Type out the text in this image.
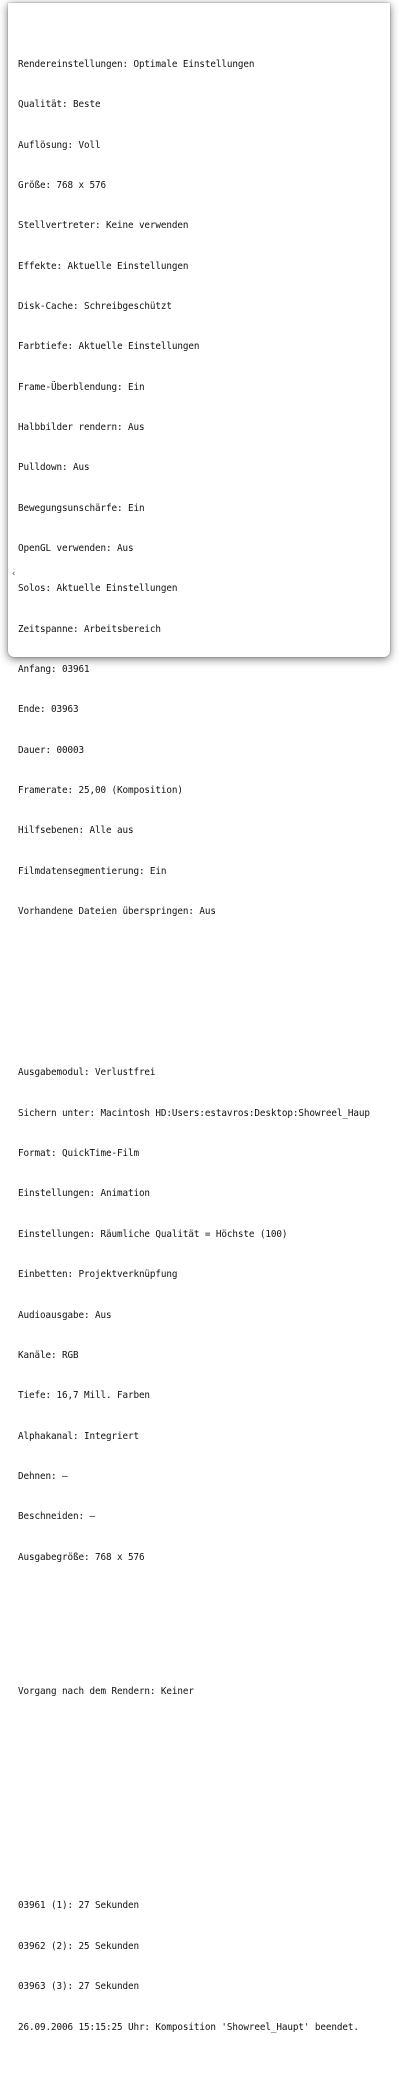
Rendereinstellungen: Optimale Einstellungen

Qualität: Beste

Auflösung: Voll

Größe: 768 x 576

Stellvertreter: Keine verwenden

Effekte: Aktuelle Einstellungen

Disk-Cache: Schreibgeschützt

Farbtiefe: Aktuelle Einstellungen

Frame-Überblendung: Ein

Halbbilder rendern: Aus

Pulldown: Aus

Bewegungsunschärfe: Ein

OpenGL verwenden: Aus

Solos: Aktuelle Einstellungen

Zeitspanne: Arbeitsbereich

Anfang: 03961

Ende: 03963

Dauer: 00003

Framerate: 25,00 (Komposition)

Hilfsebenen: Alle aus

Filmdatensegmentierung: Ein

Vorhandene Dateien überspringen: Aus

Ausgabemodul: Verlustfrei

Sichern unter: Macintosh HD:Users:estavros:Desktop:Showreel_Haup

Format: QuickTime-Film

Einstellungen: Animation

Einstellungen: Räumliche Qualität = Höchste (100)

Einbetten: Projektverknüpfung

Audioausgabe: Aus

Kanäle: RGB

Tiefe: 16,7 Mill. Farben

Alphakanal: Integriert

Dehnen: –

Beschneiden: –

Ausgabegröße: 768 x 576

Vorgang nach dem Rendern: Keiner

03961 (1): 27 Sekunden

03962 (2): 25 Sekunden

03963 (3): 27 Sekunden

26.09.2006 15:15:25 Uhr: Komposition 'Showreel_Haupt' beendet.

‹
